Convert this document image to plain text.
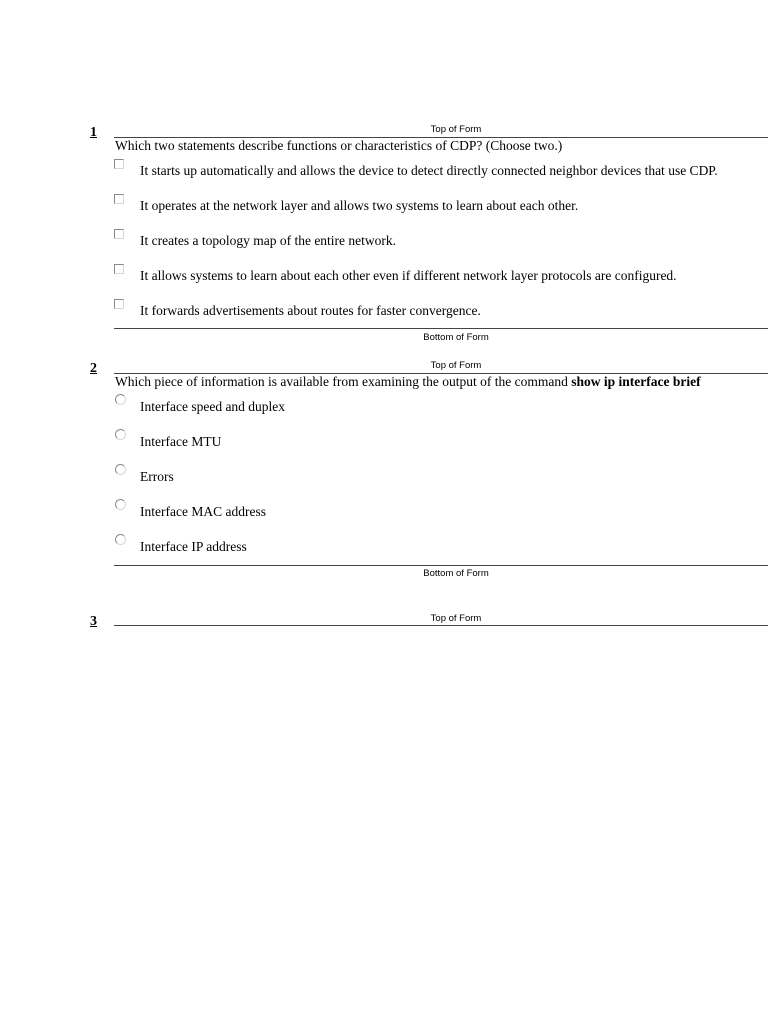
1	Top of Form
Which two statements describe functions or characteristics of CDP? (Choose two.)
It starts up automatically and allows the device to detect directly connected neighbor devices that use CDP.
It operates at the network layer and allows two systems to learn about each other.
It creates a topology map of the entire network.
It allows systems to learn about each other even if different network layer protocols are configured.
It forwards advertisements about routes for faster convergence.
Bottom of Form
2	Top of Form
Which piece of information is available from examining the output of the command show ip interface brief
Interface speed and duplex
Interface MTU
Errors
Interface MAC address
Interface IP address
Bottom of Form
3	Top of Form
